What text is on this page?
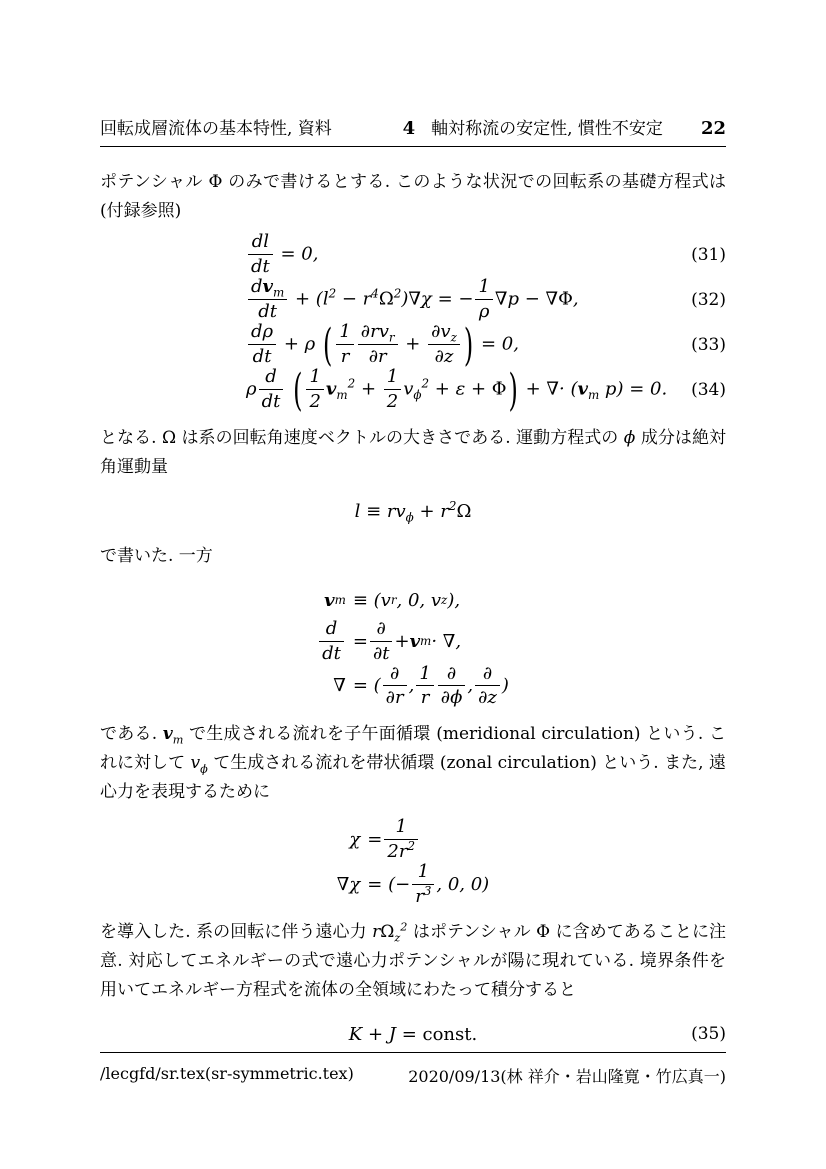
回転成層流体の基本特性, 資料	4 軸対称流の安定性, 慣性不安定 22

ポテンシャル Φ のみで書けるとする. このような状況での回転系の基礎方程式は (付録参照)

$\frac{dl}{dt} = 0$,	(31)
$dv_m$
dt
+ $(l^2 - r^4\Omega^2)\nabla\chi$ = − $\frac{1}{\rho} \nabla p - \nabla\Phi$,	(32)
$\frac{d\rho}{dt} + \rho$ ( $\frac{1}{r} \partial rv_r$
∂r
+ $\frac{\partial v_z}{\partial z}$ ) = 0,	(33)
ρ $\frac{d}{dt}$ ( $\frac{1}{2} v_m^2 + \frac{1}{2} v_\phi^2 + \varepsilon + \Phi$) + ∇· ($v_m$ p) = 0. (34)

となる. Ω は系の回転角速度ベクトルの大きさである. 運動方程式の ϕ 成分は絶対角運動量

$l \equiv rv_\phi + r^2\Omega$

で書いた. 一方

v m ≡ (v r , 0, v z ),
d
dt
=
∂
∂t
+ v m · ∇,
∇ = (
∂
∂r
,
1
r
∂
∂ϕ
,
∂
∂z
)

である. $v_m$ で生成される流れを子午面循環 (meridional circulation) という. これに対して $v_\phi$ て生成される流れを帯状循環 (zonal circulation) という. また, 遠心力を表現するために

χ =
1
$2r^2$
∇χ = (−
1
$r^3$ , 0, 0)

を導入した. 系の回転に伴う遠心力 $r\Omega_z^2$ はポテンシャル Φ に含めてあることに注意. 対応してエネルギーの式で遠心力ポテンシャルが陽に現れている. 境界条件を用いてエネルギー方程式を流体の全領域にわたって積分すると

K + J = const.	(35)
/lecgfd/sr.tex(sr-symmetric.tex)	2020/09/13(林 祥介・岩山隆寛・竹広真一)
